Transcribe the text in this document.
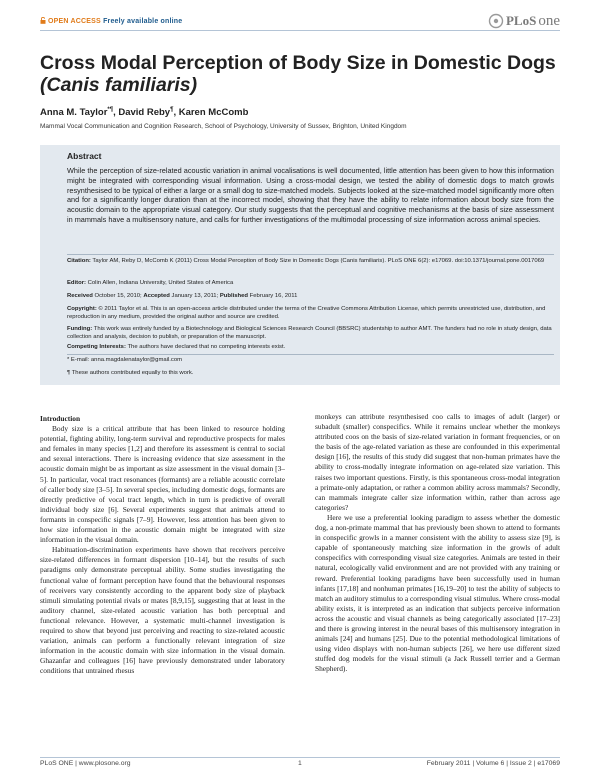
OPEN ACCESS Freely available online	PLoS one
Cross Modal Perception of Body Size in Domestic Dogs
(Canis familiaris)
Anna M. Taylor*¶, David Reby¶, Karen McComb
Mammal Vocal Communication and Cognition Research, School of Psychology, University of Sussex, Brighton, United Kingdom

Abstract

While the perception of size-related acoustic variation in animal vocalisations is well documented, little attention has been given to how this information might be integrated with corresponding visual information. Using a cross-modal design, we tested the ability of domestic dogs to match growls resynthesised to be typical of either a large or a small dog to size-matched models. Subjects looked at the size-matched model significantly more often and for a significantly longer duration than at the incorrect model, showing that they have the ability to relate information about body size from the acoustic domain to the appropriate visual category. Our study suggests that the perceptual and cognitive mechanisms at the basis of size assessment in mammals have a multisensory nature, and calls for further investigations of the multimodal processing of size information across animal species.

Citation: Taylor AM, Reby D, McComb K (2011) Cross Modal Perception of Body Size in Domestic Dogs (Canis familiaris). PLoS ONE 6(2): e17069. doi:10.1371/journal.pone.0017069

Editor: Colin Allen, Indiana University, United States of America

Received October 15, 2010; Accepted January 13, 2011; Published February 16, 2011

Copyright: © 2011 Taylor et al. This is an open-access article distributed under the terms of the Creative Commons Attribution License, which permits unrestricted use, distribution, and reproduction in any medium, provided the original author and source are credited.

Funding: This work was entirely funded by a Biotechnology and Biological Sciences Research Council (BBSRC) studentship to author AMT. The funders had no role in study design, data collection and analysis, decision to publish, or preparation of the manuscript.

Competing Interests: The authors have declared that no competing interests exist.

* E-mail: anna.magdalenataylor@gmail.com

¶ These authors contributed equally to this work.

Introduction

Body size is a critical attribute that has been linked to resource holding potential, fighting ability, long-term survival and reproductive prospects for males and females in many species [1,2] and therefore its assessment is central to social and sexual interactions. There is increasing evidence that size assessment in the acoustic domain might be as important as size assessment in the visual domain [3–5]. In particular, vocal tract resonances (formants) are a reliable acoustic correlate of caller body size [3–5]. In several species, including domestic dogs, formants are directly predictive of vocal tract length, which in turn is predictive of overall individual body size [6]. Several experiments suggest that animals attend to formants in conspecific signals [7–9]. However, less attention has been given to how size information in the acoustic domain might be integrated with size information in the visual domain.

Habituation-discrimination experiments have shown that receivers perceive size-related differences in formant dispersion [10–14], but the results of such paradigms only demonstrate perceptual ability. Some studies investigating the functional value of formant perception have found that the behavioural responses of receivers vary consistently according to the apparent body size of playback stimuli simulating potential rivals or mates [8,9,15], suggesting that at least in the auditory channel, size-related acoustic variation has both perceptual and functional relevance. However, a systematic multi-channel investigation is required to show that beyond just perceiving and reacting to size-related acoustic variation, animals can perform a functionally relevant integration of size information in the acoustic domain with size information in the visual domain. Ghazanfar and colleagues [16] have previously demonstrated under laboratory conditions that untrained rhesus

monkeys can attribute resynthesised coo calls to images of adult (larger) or subadult (smaller) conspecifics. While it remains unclear whether the monkeys attributed coos on the basis of size-related variation in formant frequencies, or on the basis of the age-related variation as these are confounded in this experimental design [16], the results of this study did suggest that non-human primates have the ability to cross-modally integrate information on age-related size variation. This raises two important questions. Firstly, is this spontaneous cross-modal integration a primate-only adaptation, or rather a common ability across mammals? Secondly, can mammals integrate caller size information within, rather than across age categories?

Here we use a preferential looking paradigm to assess whether the domestic dog, a non-primate mammal that has previously been shown to attend to formants in conspecific growls in a manner consistent with the ability to assess size [9], is capable of spontaneously matching size information in the growls of adult conspecifics with corresponding visual size categories. Animals are tested in their natural, ecologically valid environment and are not provided with any training or reward. Preferential looking paradigms have been successfully used in human infants [17,18] and nonhuman primates [16,19–20] to test the ability of subjects to match an auditory stimulus to a corresponding visual stimulus. Where cross-modal ability exists, it is interpreted as an indication that subjects perceive information across the acoustic and visual channels as being categorically associated [17–23] and there is growing interest in the neural bases of this multisensory integration in animals [24] and humans [25]. Due to the potential methodological limitations of using video displays with non-human subjects [26], we here use different sized stuffed dog models for the visual stimuli (a Jack Russell terrier and a German Shepherd).

PLoS ONE | www.plosone.org	1	February 2011 | Volume 6 | Issue 2 | e17069
